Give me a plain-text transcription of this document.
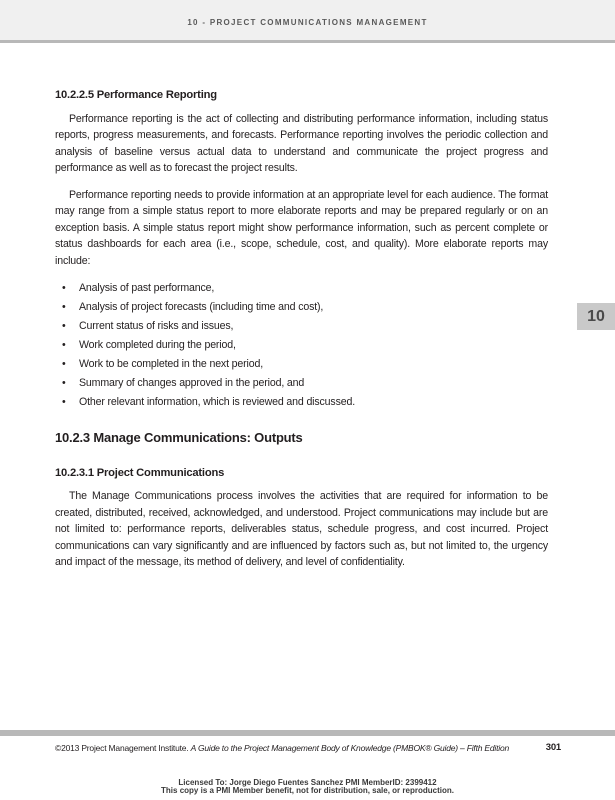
10 - PROJECT COMMUNICATIONS MANAGEMENT
10.2.2.5 Performance Reporting

Performance reporting is the act of collecting and distributing performance information, including status reports, progress measurements, and forecasts. Performance reporting involves the periodic collection and analysis of baseline versus actual data to understand and communicate the project progress and performance as well as to forecast the project results.

Performance reporting needs to provide information at an appropriate level for each audience. The format may range from a simple status report to more elaborate reports and may be prepared regularly or on an exception basis. A simple status report might show performance information, such as percent complete or status dashboards for each area (i.e., scope, schedule, cost, and quality). More elaborate reports may include:

• Analysis of past performance,
• Analysis of project forecasts (including time and cost),
• Current status of risks and issues,
• Work completed during the period,
• Work to be completed in the next period,
• Summary of changes approved in the period, and
• Other relevant information, which is reviewed and discussed.
10.2.3 Manage Communications: Outputs
10.2.3.1 Project Communications

The Manage Communications process involves the activities that are required for information to be created, distributed, received, acknowledged, and understood. Project communications may include but are not limited to: performance reports, deliverables status, schedule progress, and cost incurred. Project communications can vary significantly and are influenced by factors such as, but not limited to, the urgency and impact of the message, its method of delivery, and level of confidentiality.

10
©2013 Project Management Institute. A Guide to the Project Management Body of Knowledge (PMBOK® Guide) – Fifth Edition	301
Licensed To: Jorge Diego Fuentes Sanchez PMI MemberID: 2399412
This copy is a PMI Member benefit, not for distribution, sale, or reproduction.
